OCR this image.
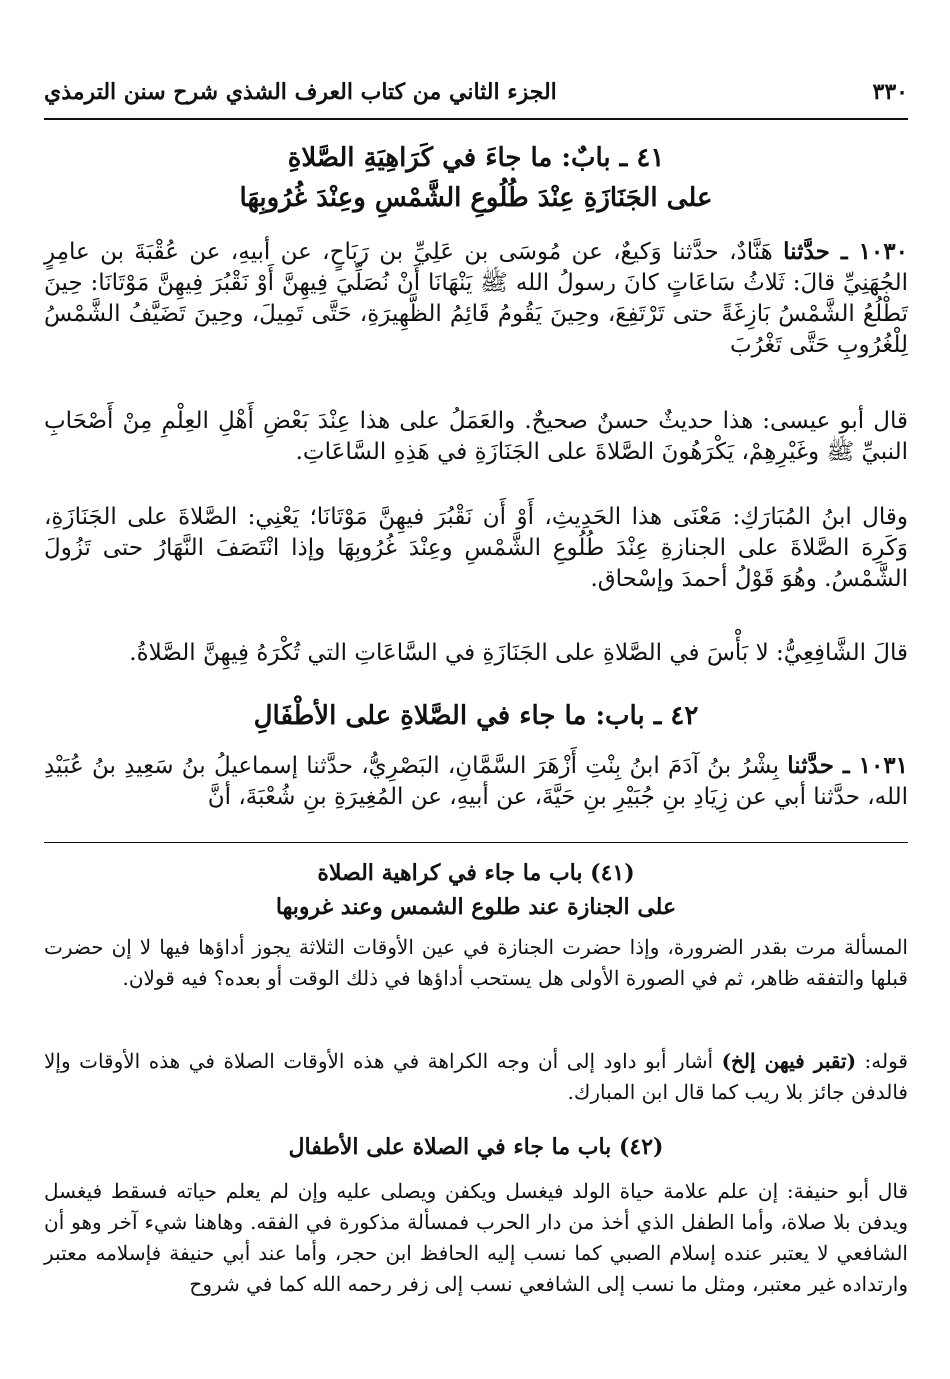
٣٣٠
الجزء الثاني من كتاب العرف الشذي شرح سنن الترمذي

٤١ ـ بابٌ: ما جاءَ في كَرَاهِيَةِ الصَّلاةِ

على الجَنَازَةِ عِنْدَ طُلُوعِ الشَّمْسِ وعِنْدَ غُرُوبِهَا

١٠٣٠ ـ حدَّثنا هَنَّادٌ، حدَّثنا وَكيعٌ، عن مُوسَى بن عَلِيِّ بن رَبَاحٍ، عن أبيهِ، عن عُقْبَةَ بن عامِرٍ الجُهَنِيِّ قالَ: ثَلاثُ سَاعَاتٍ كانَ رسولُ الله ﷺ يَنْهَانَا أَنْ نُصَلِّيَ فِيهِنَّ أَوْ نَقْبُرَ فِيهِنَّ مَوْتَانَا: حِينَ تَطْلُعُ الشَّمْسُ بَازِغَةً حتى تَرْتَفِعَ، وحِينَ يَقُومُ قَائِمُ الظَّهِيرَةِ، حَتَّى تَمِيلَ، وحِينَ تَضَيَّفُ الشَّمْسُ لِلْغُرُوبِ حَتَّى تَغْرُبَ

قال أبو عيسى: هذا حديثٌ حسنٌ صحيحٌ. والعَمَلُ على هذا عِنْدَ بَعْضِ أَهْلِ العِلْمِ مِنْ أَصْحَابِ النبيِّ ﷺ وغَيْرِهِمْ، يَكْرَهُونَ الصَّلاةَ على الجَنَازَةِ في هَذِهِ السَّاعَاتِ.

وقال ابنُ المُبَارَكِ: مَعْنَى هذا الحَدِيثِ، أَوْ أَن نَقْبُرَ فيهِنَّ مَوْتَانَا؛ يَعْنِي: الصَّلاةَ على الجَنَازَةِ، وَكَرِهَ الصَّلاةَ على الجنازةِ عِنْدَ طُلُوعِ الشَّمْسِ وعِنْدَ غُرُوبِهَا وإذا انْتَصَفَ النَّهَارُ حتى تَزُولَ الشَّمْسُ. وهُوَ قَوْلُ أحمدَ وإسْحاق.

قالَ الشَّافِعِيُّ: لا بَأْسَ في الصَّلاةِ على الجَنَازَةِ في السَّاعَاتِ التي تُكْرَهُ فِيهِنَّ الصَّلاةُ.

٤٢ ـ باب: ما جاء في الصَّلاةِ على الأطْفَالِ

١٠٣١ ـ حدَّثنا بِشْرُ بنُ آدَمَ ابنُ بِنْتِ أَزْهَرَ السَّمَّانِ، البَصْرِيُّ، حدَّثنا إسماعيلُ بنُ سَعِيدِ بنُ عُبَيْدِ الله، حدَّثنا أبي عن زِيَادِ بنِ جُبَيْرِ بنِ حَيَّةَ، عن أبيهِ، عن المُغِيرَةِ بنِ شُعْبَةَ، أنَّ

(٤١) باب ما جاء في كراهية الصلاة

على الجنازة عند طلوع الشمس وعند غروبها

المسألة مرت بقدر الضرورة، وإذا حضرت الجنازة في عين الأوقات الثلاثة يجوز أداؤها فيها لا إن حضرت قبلها والتفقه ظاهر، ثم في الصورة الأولى هل يستحب أداؤها في ذلك الوقت أو بعده؟ فيه قولان.

قوله: (تقبر فيهن إلخ) أشار أبو داود إلى أن وجه الكراهة في هذه الأوقات الصلاة في هذه الأوقات وإلا فالدفن جائز بلا ريب كما قال ابن المبارك.

(٤٢) باب ما جاء في الصلاة على الأطفال

قال أبو حنيفة: إن علم علامة حياة الولد فيغسل ويكفن ويصلى عليه وإن لم يعلم حياته فسقط فيغسل ويدفن بلا صلاة، وأما الطفل الذي أخذ من دار الحرب فمسألة مذكورة في الفقه. وهاهنا شيء آخر وهو أن الشافعي لا يعتبر عنده إسلام الصبي كما نسب إليه الحافظ ابن حجر، وأما عند أبي حنيفة فإسلامه معتبر وارتداده غير معتبر، ومثل ما نسب إلى الشافعي نسب إلى زفر رحمه الله كما في شروح
